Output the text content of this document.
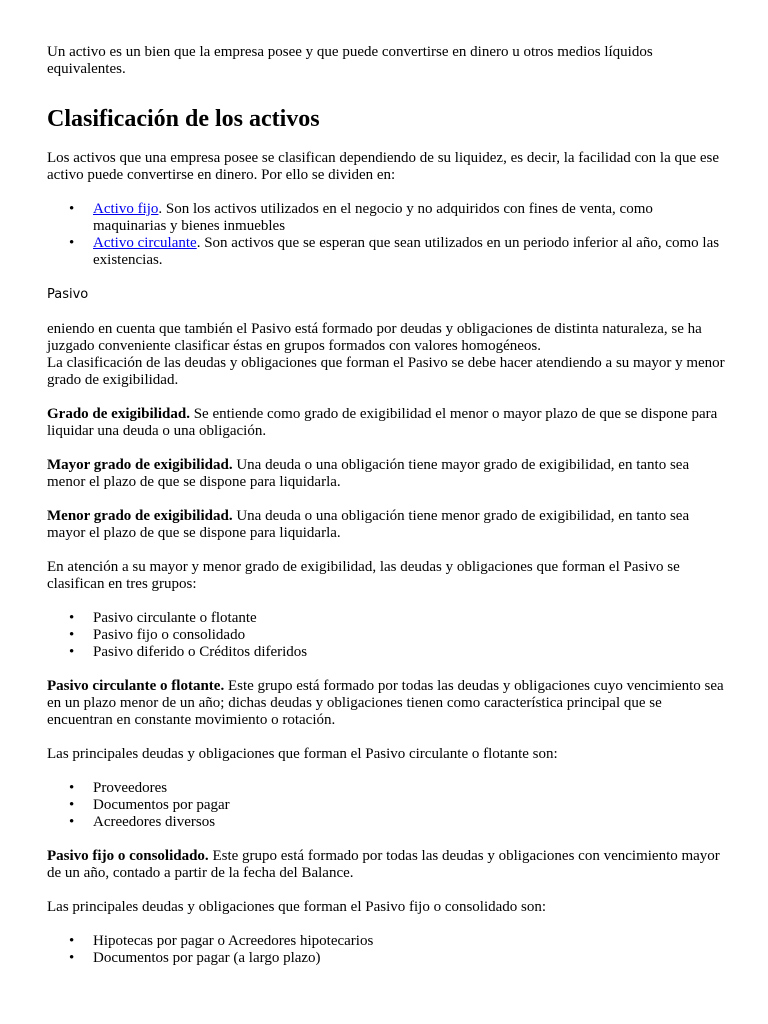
Un activo es un bien que la empresa posee y que puede convertirse en dinero u otros medios líquidos equivalentes.

Clasificación de los activos

Los activos que una empresa posee se clasifican dependiendo de su liquidez, es decir, la facilidad con la que ese activo puede convertirse en dinero. Por ello se dividen en:

• Activo fijo. Son los activos utilizados en el negocio y no adquiridos con fines de venta, como maquinarias y bienes inmuebles
• Activo circulante. Son activos que se esperan que sean utilizados en un periodo inferior al año, como las existencias.

Pasivo

eniendo en cuenta que también el Pasivo está formado por deudas y obligaciones de distinta naturaleza, se ha juzgado conveniente clasificar éstas en grupos formados con valores homogéneos.

La clasificación de las deudas y obligaciones que forman el Pasivo se debe hacer atendiendo a su mayor y menor grado de exigibilidad.

Grado de exigibilidad. Se entiende como grado de exigibilidad el menor o mayor plazo de que se dispone para liquidar una deuda o una obligación.

Mayor grado de exigibilidad. Una deuda o una obligación tiene mayor grado de exigibilidad, en tanto sea menor el plazo de que se dispone para liquidarla.

Menor grado de exigibilidad. Una deuda o una obligación tiene menor grado de exigibilidad, en tanto sea mayor el plazo de que se dispone para liquidarla.

En atención a su mayor y menor grado de exigibilidad, las deudas y obligaciones que forman el Pasivo se clasifican en tres grupos:

• Pasivo circulante o flotante
• Pasivo fijo o consolidado
• Pasivo diferido o Créditos diferidos

Pasivo circulante o flotante. Este grupo está formado por todas las deudas y obligaciones cuyo vencimiento sea en un plazo menor de un año; dichas deudas y obligaciones tienen como característica principal que se encuentran en constante movimiento o rotación.

Las principales deudas y obligaciones que forman el Pasivo circulante o flotante son:

• Proveedores
• Documentos por pagar
• Acreedores diversos

Pasivo fijo o consolidado. Este grupo está formado por todas las deudas y obligaciones con vencimiento mayor de un año, contado a partir de la fecha del Balance.

Las principales deudas y obligaciones que forman el Pasivo fijo o consolidado son:

• Hipotecas por pagar o Acreedores hipotecarios
• Documentos por pagar (a largo plazo)
